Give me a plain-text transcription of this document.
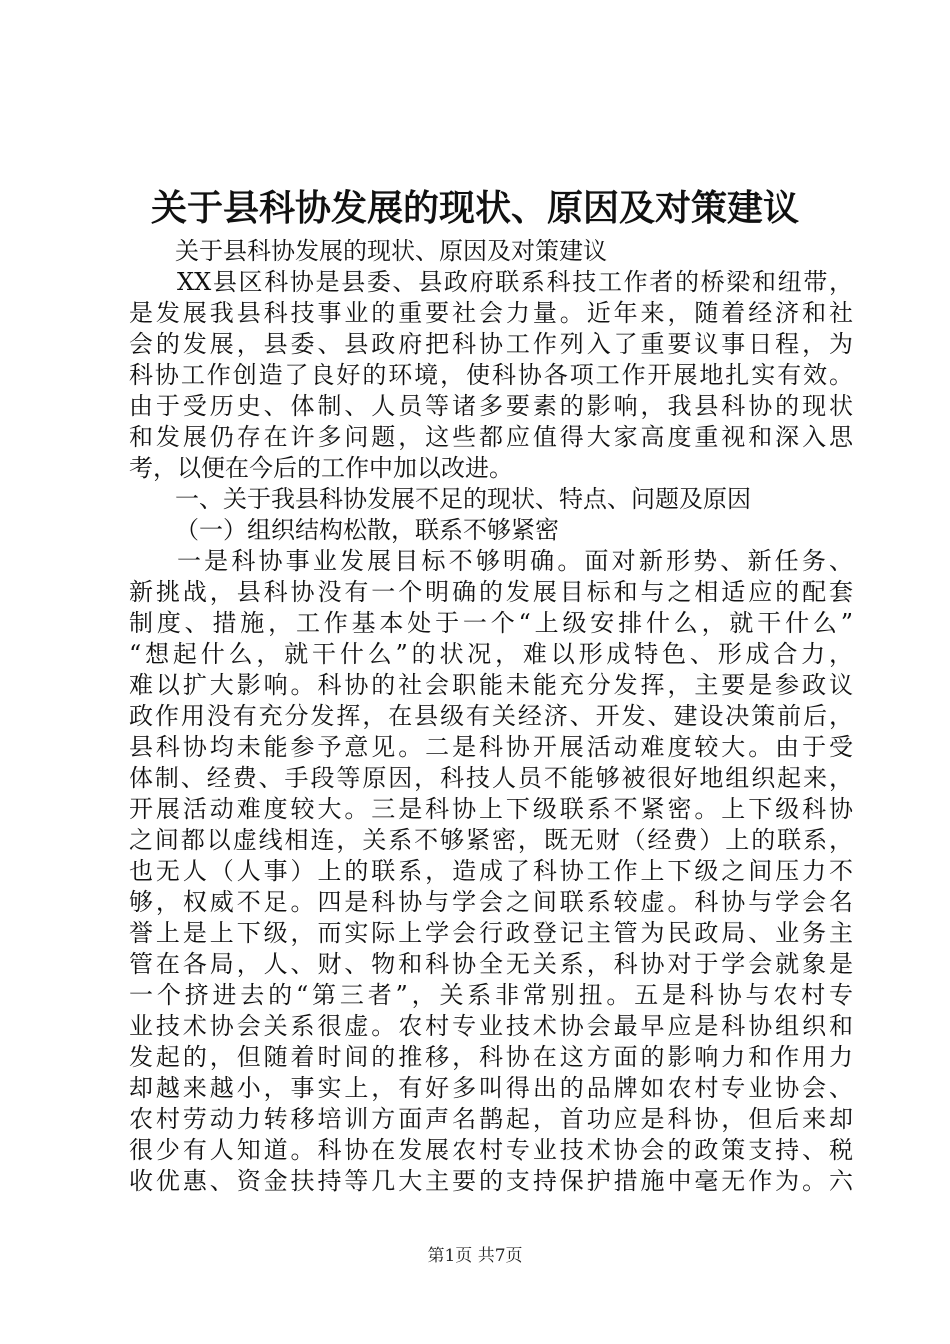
关于县科协发展的现状、原因及对策建议
关于县科协发展的现状、原因及对策建议
XX县区科协是县委、县政府联系科技工作者的桥梁和纽带，
是发展我县科技事业的重要社会力量。近年来，随着经济和社
会的发展，县委、县政府把科协工作列入了重要议事日程，为
科协工作创造了良好的环境，使科协各项工作开展地扎实有效。
由于受历史、体制、人员等诸多要素的影响，我县科协的现状
和发展仍存在许多问题，这些都应值得大家高度重视和深入思
考，以便在今后的工作中加以改进。
一、关于我县科协发展不足的现状、特点、问题及原因
（一）组织结构松散，联系不够紧密
一是科协事业发展目标不够明确。面对新形势、新任务、
新挑战，县科协没有一个明确的发展目标和与之相适应的配套
制度、措施，工作基本处于一个“上级安排什么，就干什么”
“想起什么，就干什么”的状况，难以形成特色、形成合力，
难以扩大影响。科协的社会职能未能充分发挥，主要是参政议
政作用没有充分发挥，在县级有关经济、开发、建设决策前后，
县科协均未能参予意见。二是科协开展活动难度较大。由于受
体制、经费、手段等原因，科技人员不能够被很好地组织起来，
开展活动难度较大。三是科协上下级联系不紧密。上下级科协
之间都以虚线相连，关系不够紧密，既无财（经费）上的联系，
也无人（人事）上的联系，造成了科协工作上下级之间压力不
够，权威不足。四是科协与学会之间联系较虚。科协与学会名
誉上是上下级，而实际上学会行政登记主管为民政局、业务主
管在各局，人、财、物和科协全无关系，科协对于学会就象是
一个挤进去的“第三者”，关系非常别扭。五是科协与农村专
业技术协会关系很虚。农村专业技术协会最早应是科协组织和
发起的，但随着时间的推移，科协在这方面的影响力和作用力
却越来越小，事实上，有好多叫得出的品牌如农村专业协会、
农村劳动力转移培训方面声名鹊起，首功应是科协，但后来却
很少有人知道。科协在发展农村专业技术协会的政策支持、税
收优惠、资金扶持等几大主要的支持保护措施中毫无作为。六
第1页 共7页
